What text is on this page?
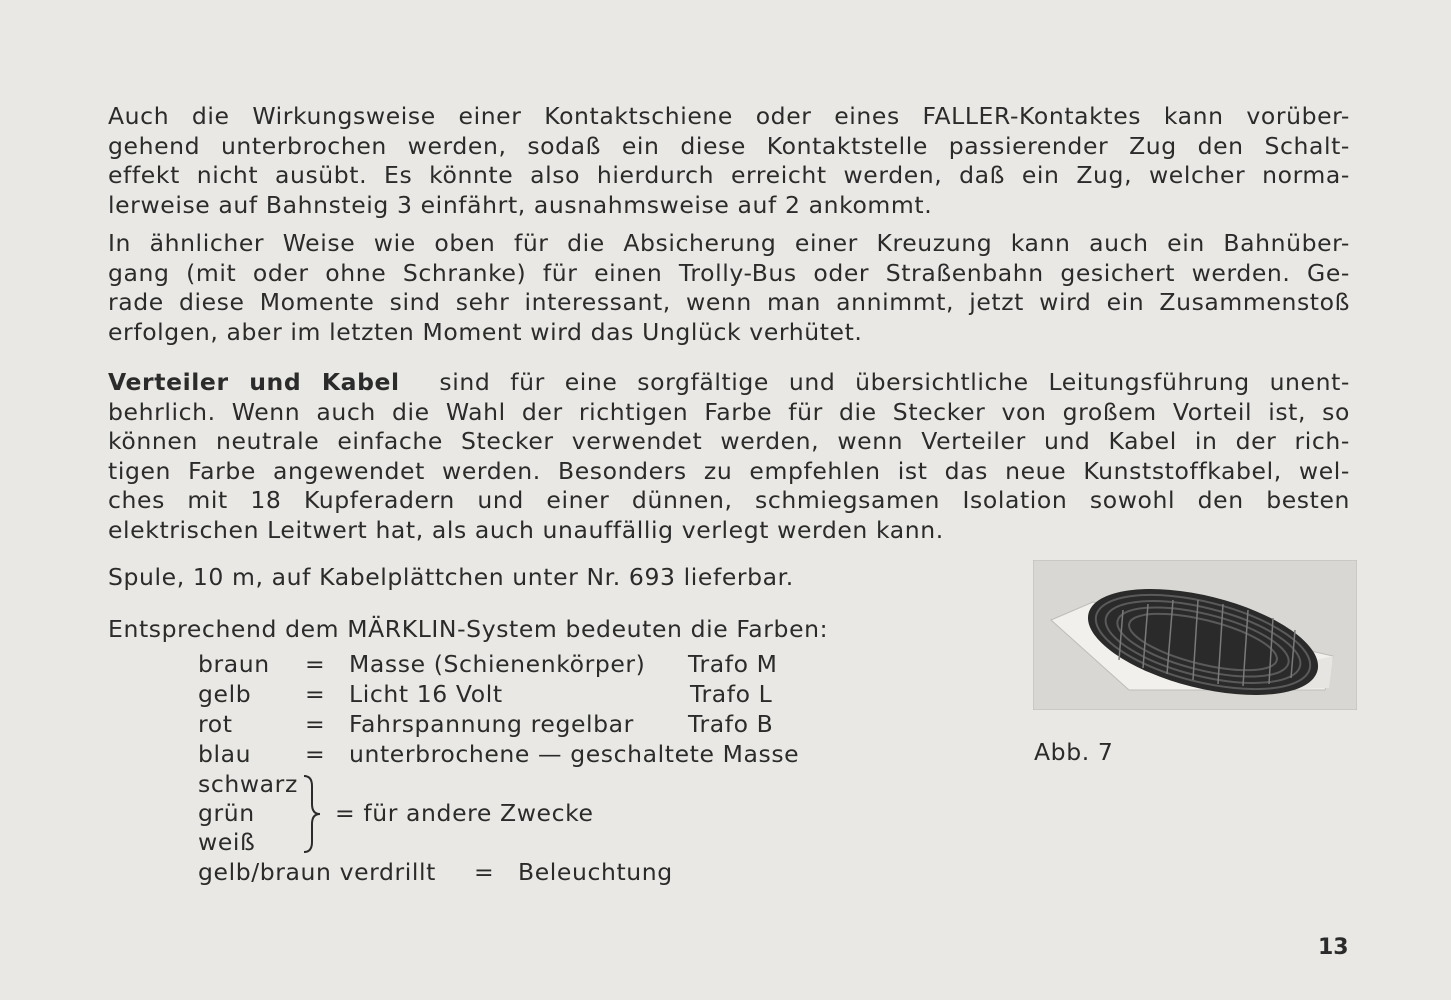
Auch die Wirkungsweise einer Kontaktschiene oder eines FALLER-Kontaktes kann vorüber-
gehend unterbrochen werden, sodaß ein diese Kontaktstelle passierender Zug den Schalt-
effekt nicht ausübt. Es könnte also hierdurch erreicht werden, daß ein Zug, welcher norma-
lerweise auf Bahnsteig 3 einfährt, ausnahmsweise auf 2 ankommt.
In ähnlicher Weise wie oben für die Absicherung einer Kreuzung kann auch ein Bahnüber-
gang (mit oder ohne Schranke) für einen Trolly-Bus oder Straßenbahn gesichert werden. Ge-
rade diese Momente sind sehr interessant, wenn man annimmt, jetzt wird ein Zusammenstoß
erfolgen, aber im letzten Moment wird das Unglück verhütet.
Verteiler und Kabel sind für eine sorgfältige und übersichtliche Leitungsführung unent-
behrlich. Wenn auch die Wahl der richtigen Farbe für die Stecker von großem Vorteil ist, so
können neutrale einfache Stecker verwendet werden, wenn Verteiler und Kabel in der rich-
tigen Farbe angewendet werden. Besonders zu empfehlen ist das neue Kunststoffkabel, wel-
ches mit 18 Kupferadern und einer dünnen, schmiegsamen Isolation sowohl den besten
elektrischen Leitwert hat, als auch unauffällig verlegt werden kann.
Spule, 10 m, auf Kabelplättchen unter Nr. 693 lieferbar.
Entsprechend dem MÄRKLIN-System bedeuten die Farben:
braun = Masse (Schienenkörper) Trafo M
gelb = Licht 16 Volt	Trafo L
rot	= Fahrspannung regelbar Trafo B
blau = unterbrochene — geschaltete Masse
schwarz
grün
weiß
= für andere Zwecke
gelb/braun verdrillt = Beleuchtung
Abb. 7
13
